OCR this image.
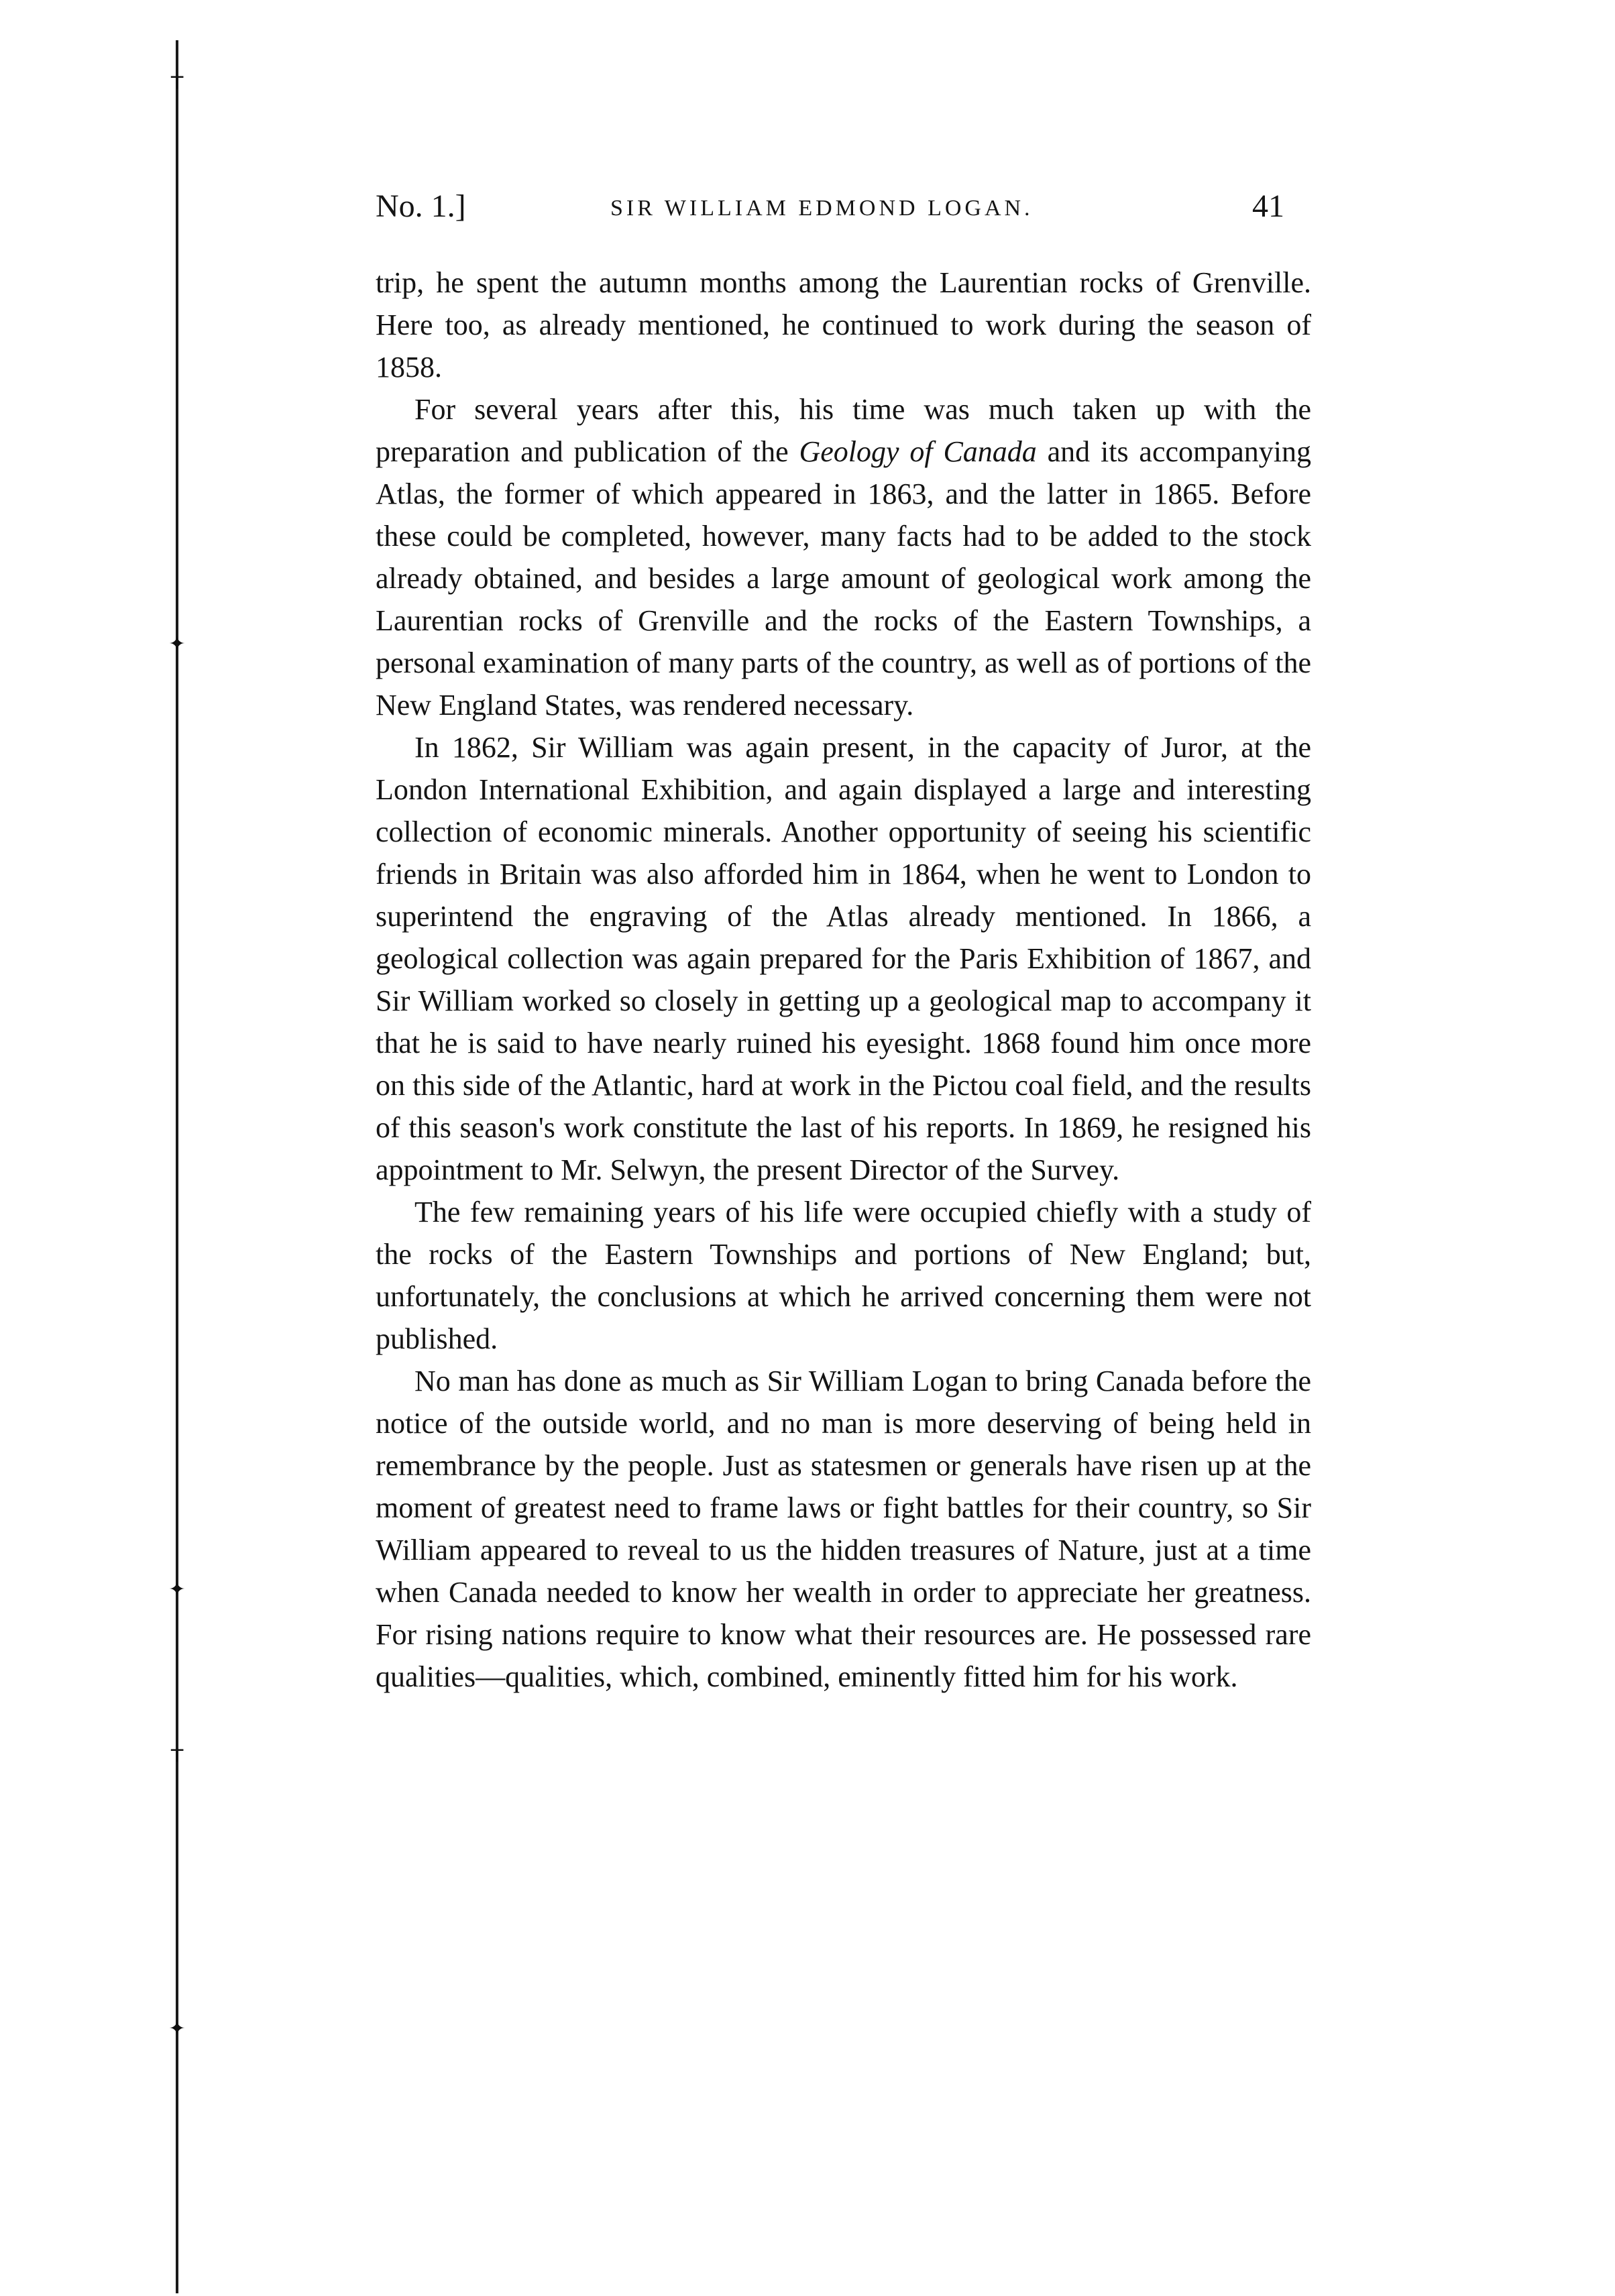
┬
✦
✦
┬
✦
No. 1.]	SIR WILLIAM EDMOND LOGAN.	41

trip, he spent the autumn months among the Laurentian rocks of Grenville. Here too, as already mentioned, he continued to work during the season of 1858.

For several years after this, his time was much taken up with the preparation and publication of the Geology of Canada and its accompanying Atlas, the former of which appeared in 1863, and the latter in 1865. Before these could be completed, however, many facts had to be added to the stock already obtained, and besides a large amount of geological work among the Laurentian rocks of Grenville and the rocks of the Eastern Townships, a personal examination of many parts of the country, as well as of portions of the New England States, was rendered necessary.

In 1862, Sir William was again present, in the capacity of Juror, at the London International Exhibition, and again displayed a large and interesting collection of economic minerals. Another opportunity of seeing his scientific friends in Britain was also afforded him in 1864, when he went to London to superintend the engraving of the Atlas already mentioned. In 1866, a geological collection was again prepared for the Paris Exhibition of 1867, and Sir William worked so closely in getting up a geological map to accompany it that he is said to have nearly ruined his eyesight. 1868 found him once more on this side of the Atlantic, hard at work in the Pictou coal field, and the results of this season's work constitute the last of his reports. In 1869, he resigned his appointment to Mr. Selwyn, the present Director of the Survey.

The few remaining years of his life were occupied chiefly with a study of the rocks of the Eastern Townships and portions of New England; but, unfortunately, the conclusions at which he arrived concerning them were not published.

No man has done as much as Sir William Logan to bring Canada before the notice of the outside world, and no man is more deserving of being held in remembrance by the people. Just as statesmen or generals have risen up at the moment of greatest need to frame laws or fight battles for their country, so Sir William appeared to reveal to us the hidden treasures of Nature, just at a time when Canada needed to know her wealth in order to appreciate her greatness. For rising nations require to know what their resources are. He possessed rare qualities—qualities, which, combined, eminently fitted him for his work.
